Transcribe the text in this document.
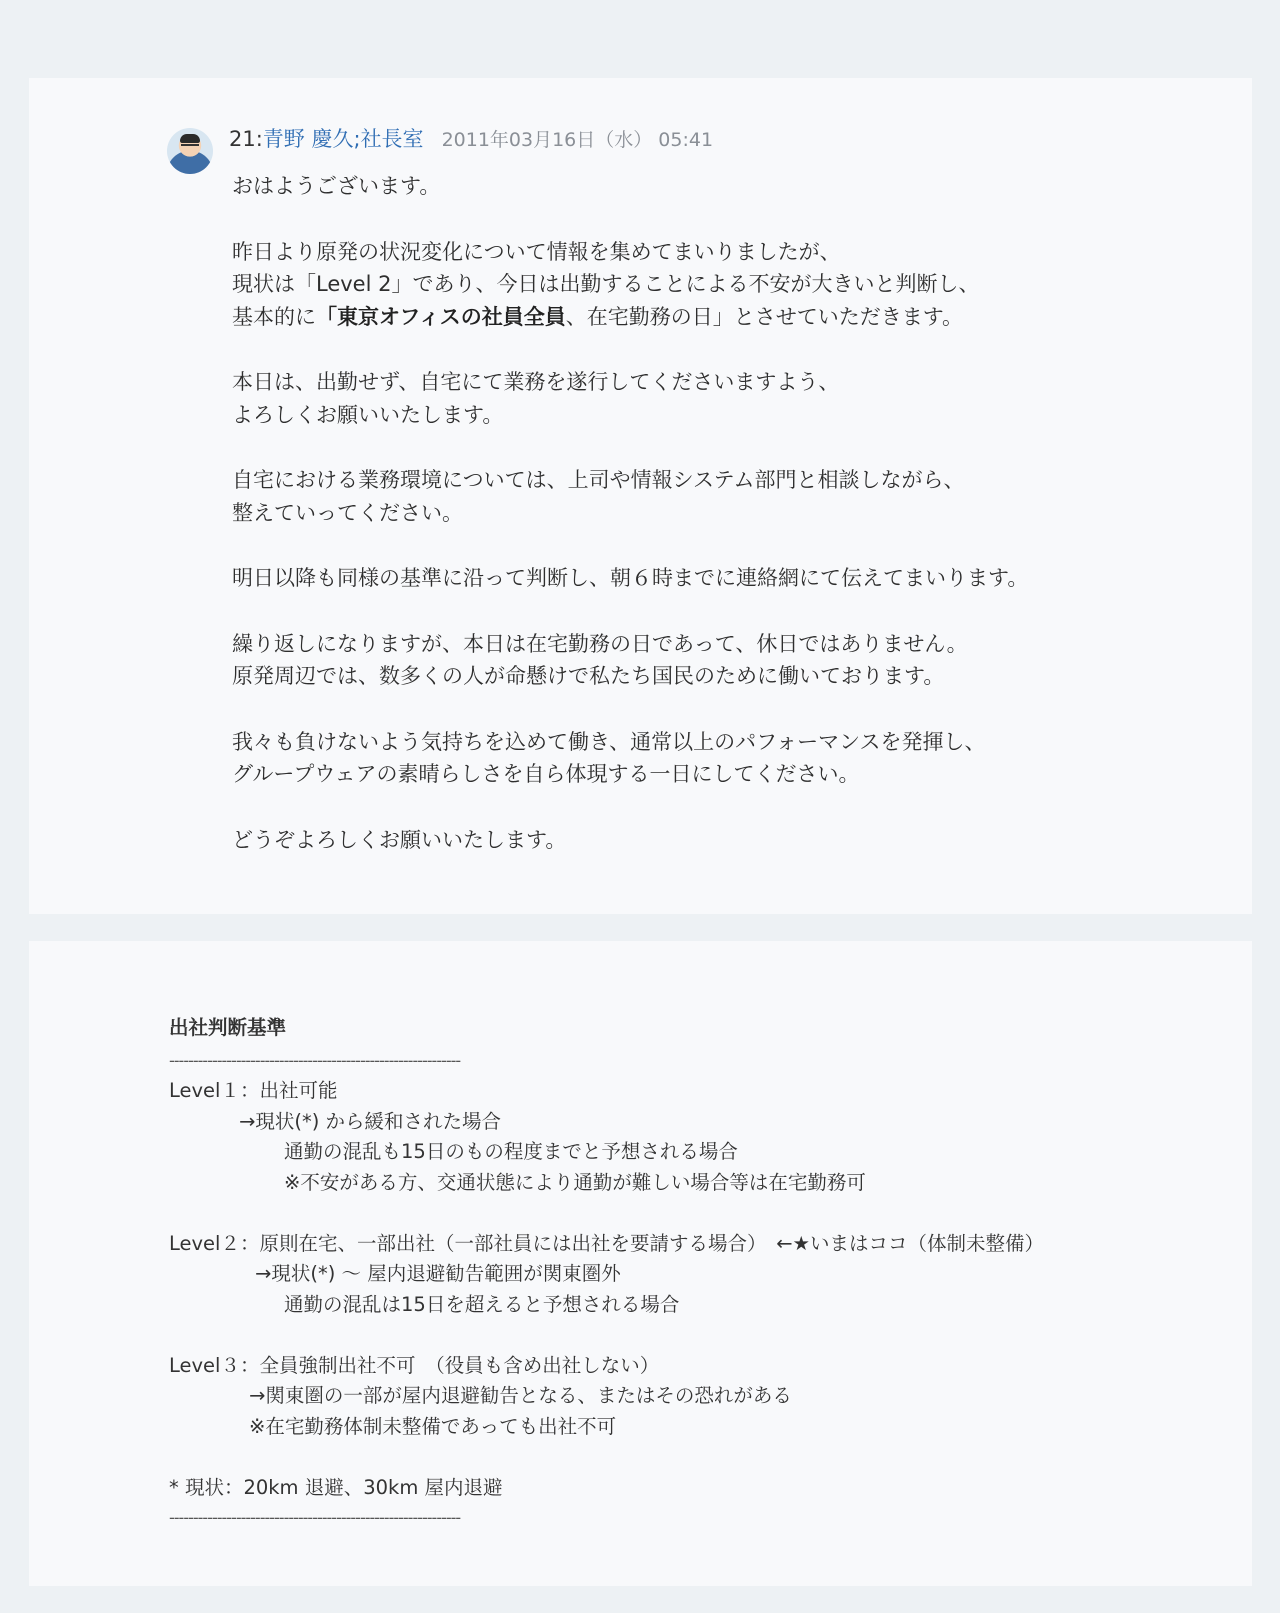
21: 青野 慶久; 社長室 2011年03月16日（水） 05:41

おはようございます。

昨日より原発の状況変化について情報を集めてまいりましたが、
現状は「Level 2」であり、今日は出勤することによる不安が大きいと判断し、
基本的に「東京オフィスの社員全員、在宅勤務の日」とさせていただきます。

本日は、出勤せず、自宅にて業務を遂行してくださいますよう、
よろしくお願いいたします。

自宅における業務環境については、上司や情報システム部門と相談しながら、
整えていってください。

明日以降も同様の基準に沿って判断し、朝６時までに連絡網にて伝えてまいります。

繰り返しになりますが、本日は在宅勤務の日であって、休日ではありません。
原発周辺では、数多くの人が命懸けで私たち国民のために働いております。

我々も負けないよう気持ちを込めて働き、通常以上のパフォーマンスを発揮し、
グループウェアの素晴らしさを自ら体現する一日にしてください。

どうぞよろしくお願いいたします。

出社判断基準
-------------------------------------------------------------
Level１：出社可能
→現状(*) から緩和された場合
通勤の混乱も15日のもの程度までと予想される場合
※不安がある方、交通状態により通勤が難しい場合等は在宅勤務可
Level２：原則在宅、一部出社（一部社員には出社を要請する場合）　←★いまはココ（体制未整備）
→現状(*) 〜 屋内退避勧告範囲が関東圏外
通勤の混乱は15日を超えると予想される場合
Level３：全員強制出社不可　（役員も含め出社しない）
→関東圏の一部が屋内退避勧告となる、またはその恐れがある
※在宅勤務体制未整備であっても出社不可
* 現状：20km 退避、30km 屋内退避
-------------------------------------------------------------
